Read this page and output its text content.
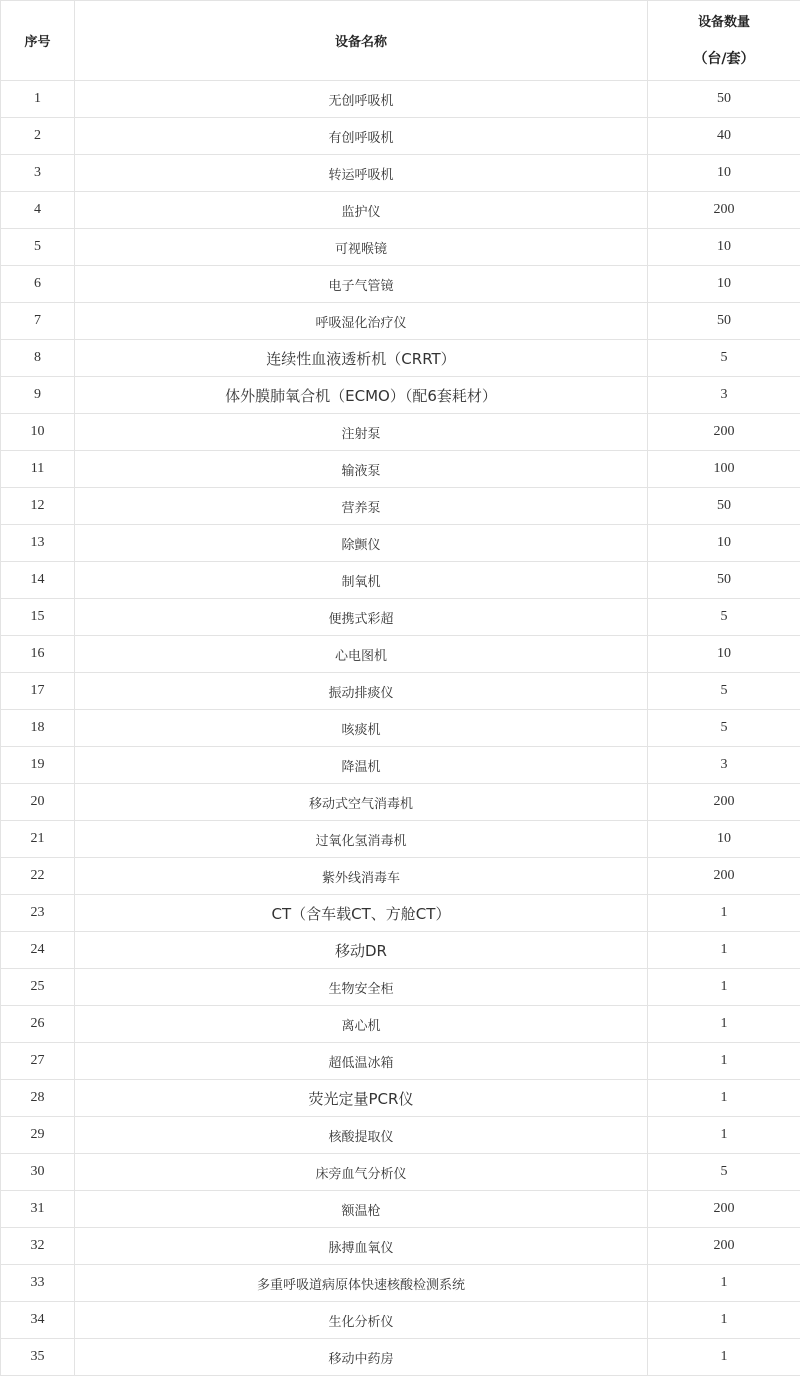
序号	设备名称	设备数量
（台/套）

1	无创呼吸机	50
2	有创呼吸机	40
3	转运呼吸机	10
4	监护仪	200
5	可视喉镜	10
6	电子气管镜	10
7	呼吸湿化治疗仪	50
8	连续性血液透析机（CRRT）	5
9	体外膜肺氧合机（ECMO）（配6套耗材）	3
10	注射泵	200
11	输液泵	100
12	营养泵	50
13	除颤仪	10
14	制氧机	50
15	便携式彩超	5
16	心电图机	10
17	振动排痰仪	5
18	咳痰机	5
19	降温机	3
20	移动式空气消毒机	200
21	过氧化氢消毒机	10
22	紫外线消毒车	200
23	CT（含车载CT、方舱CT）	1
24	移动DR	1
25	生物安全柜	1
26	离心机	1
27	超低温冰箱	1
28	荧光定量PCR仪	1
29	核酸提取仪	1
30	床旁血气分析仪	5
31	额温枪	200
32	脉搏血氧仪	200
33	多重呼吸道病原体快速核酸检测系统	1
34	生化分析仪	1
35	移动中药房	1
